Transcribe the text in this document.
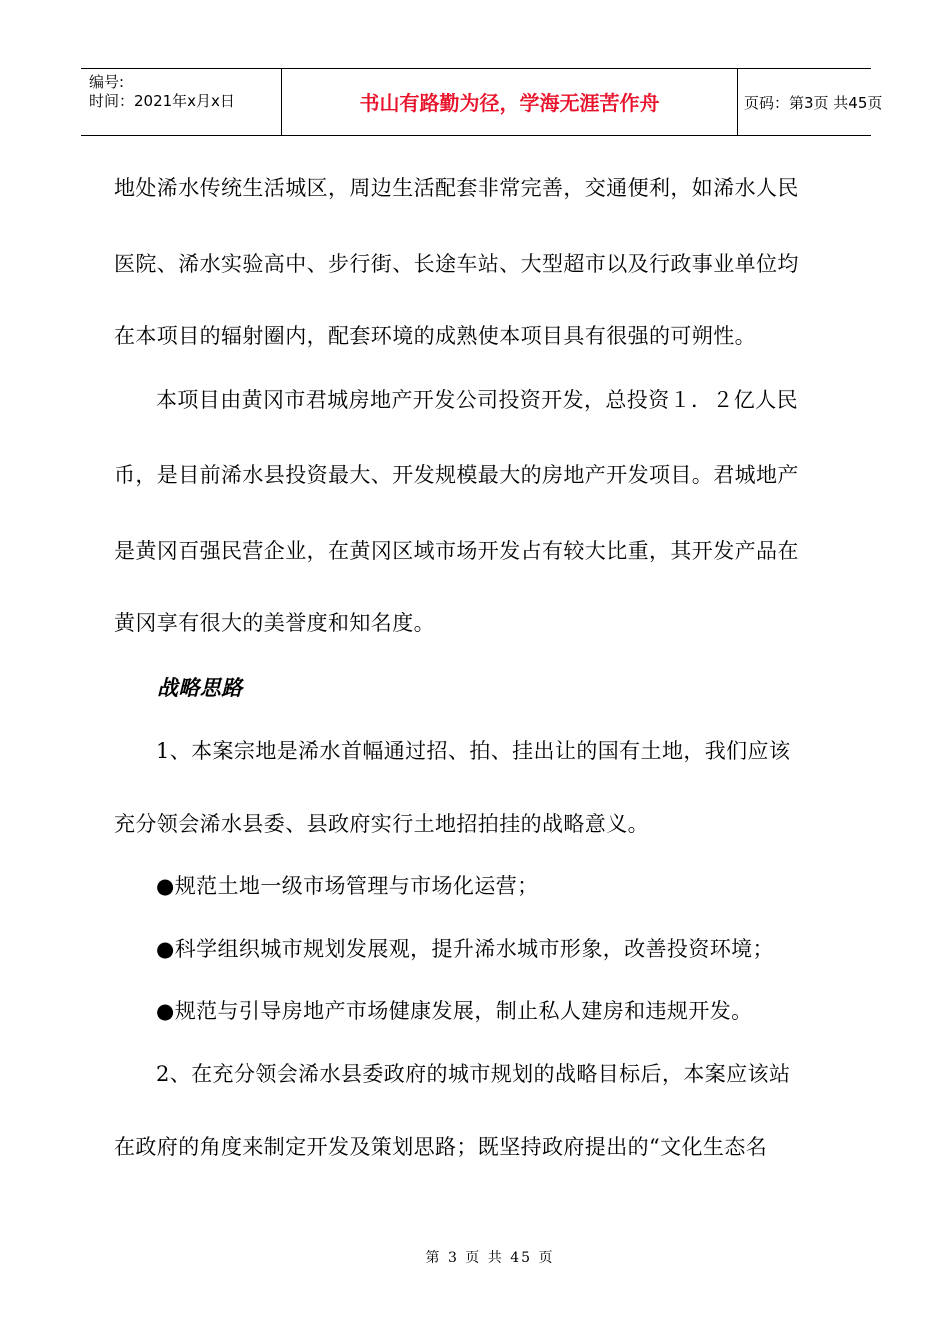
编号:
时间：2021年x月x日	书山有路勤为径，学海无涯苦作舟	页码：第3页 共45页
地处浠水传统生活城区，周边生活配套非常完善，交通便利，如浠水人民
医院、浠水实验高中、步行街、长途车站、大型超市以及行政事业单位均
在本项目的辐射圈内，配套环境的成熟使本项目具有很强的可朔性。
本项目由黄冈市君城房地产开发公司投资开发，总投资１．２亿人民
币，是目前浠水县投资最大、开发规模最大的房地产开发项目。君城地产
是黄冈百强民营企业，在黄冈区域市场开发占有较大比重，其开发产品在
黄冈享有很大的美誉度和知名度。
战略思路
1、本案宗地是浠水首幅通过招、拍、挂出让的国有土地，我们应该
充分领会浠水县委、县政府实行土地招拍挂的战略意义。
●规范土地一级市场管理与市场化运营；
●科学组织城市规划发展观，提升浠水城市形象，改善投资环境；
●规范与引导房地产市场健康发展，制止私人建房和违规开发。
2、在充分领会浠水县委政府的城市规划的战略目标后，本案应该站
在政府的角度来制定开发及策划思路；既坚持政府提出的“文化生态名
第 3 页 共 45 页
